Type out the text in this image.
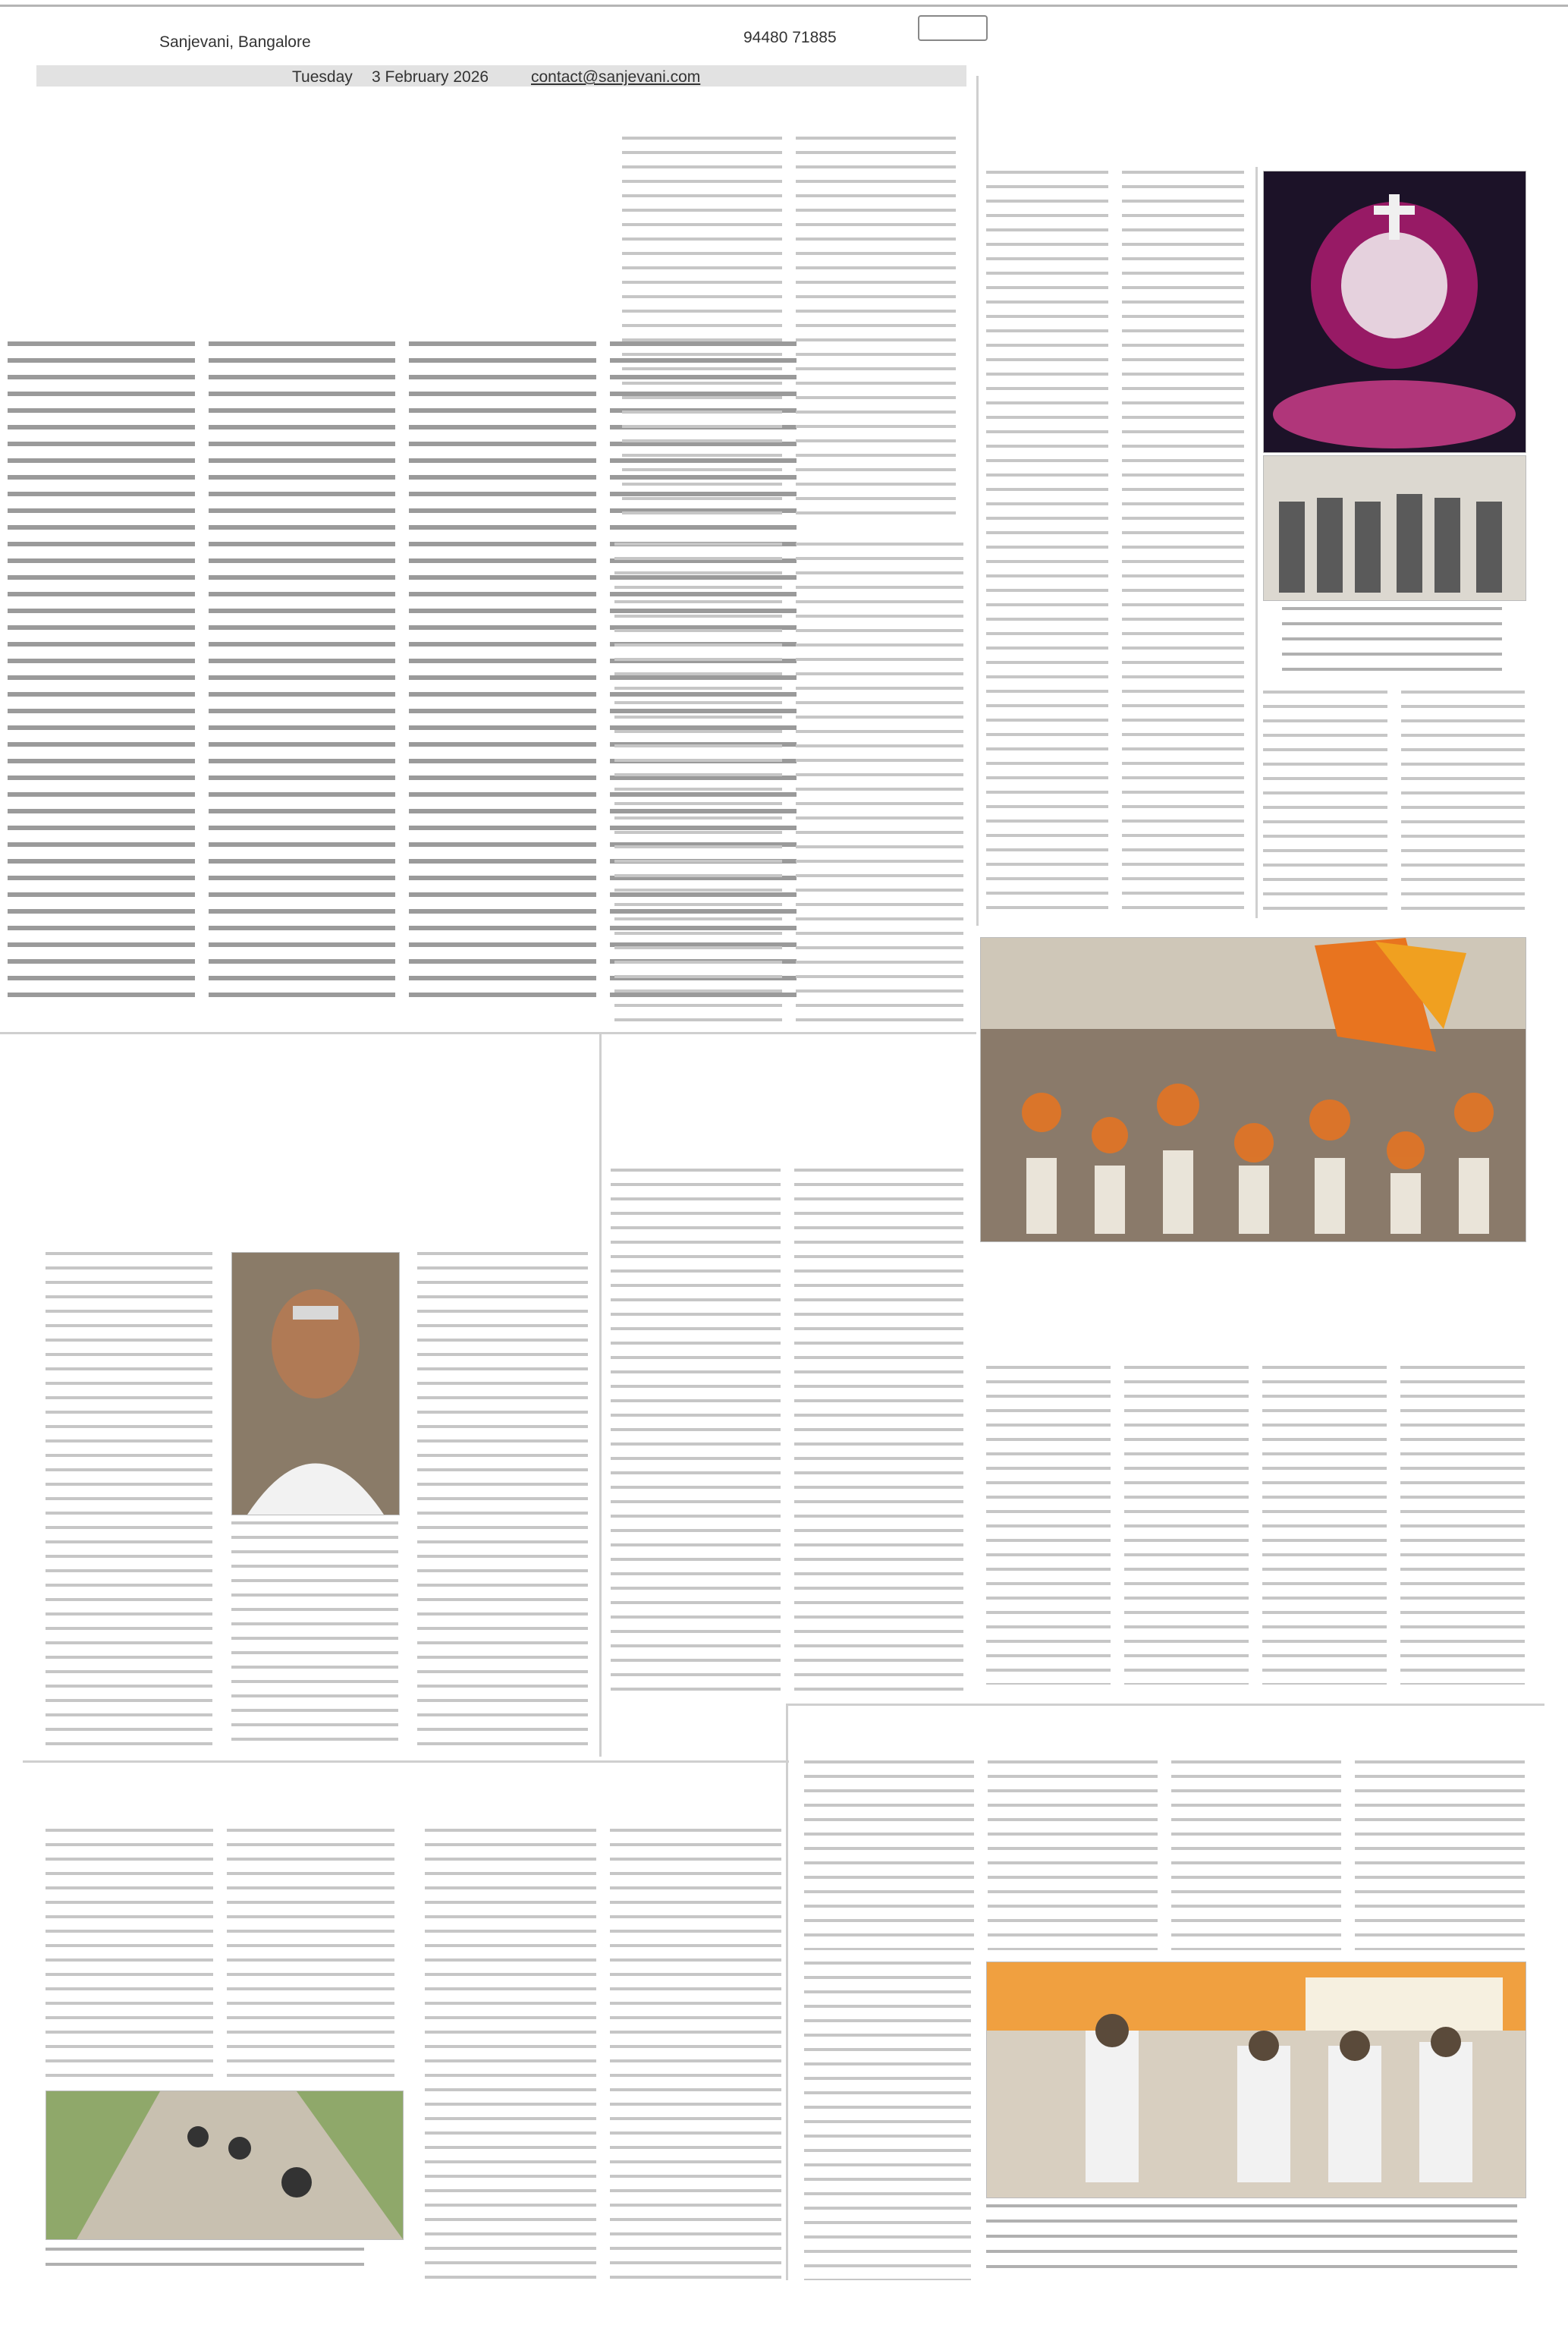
Sanjevani, Bangalore	94480 71885
Tuesday 3 February 2026	contact@sanjevani.com
